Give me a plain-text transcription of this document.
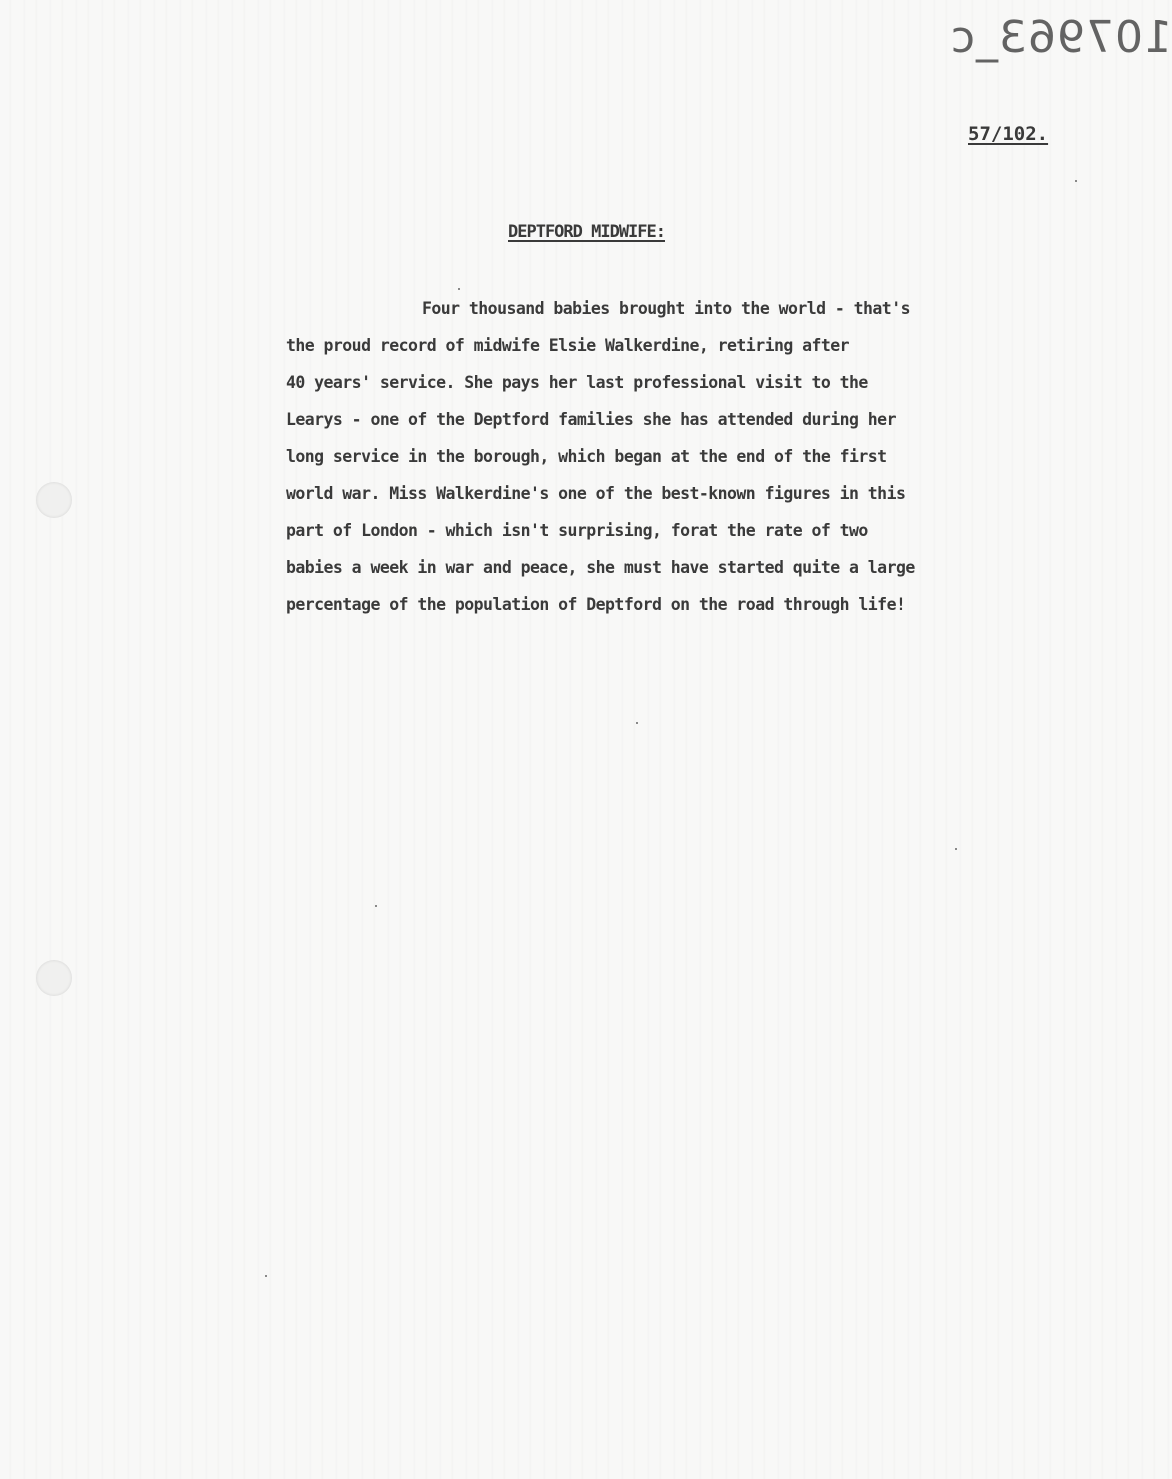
107963_c
57/102.
DEPTFORD MIDWIFE:

Four thousand babies brought into the world - that's
the proud record of midwife Elsie Walkerdine, retiring after
40 years' service. She pays her last professional visit to the
Learys - one of the Deptford families she has attended during her
long service in the borough, which began at the end of the first
world war. Miss Walkerdine's one of the best-known figures in this
part of London - which isn't surprising, forat the rate of two
babies a week in war and peace, she must have started quite a large
percentage of the population of Deptford on the road through life!
